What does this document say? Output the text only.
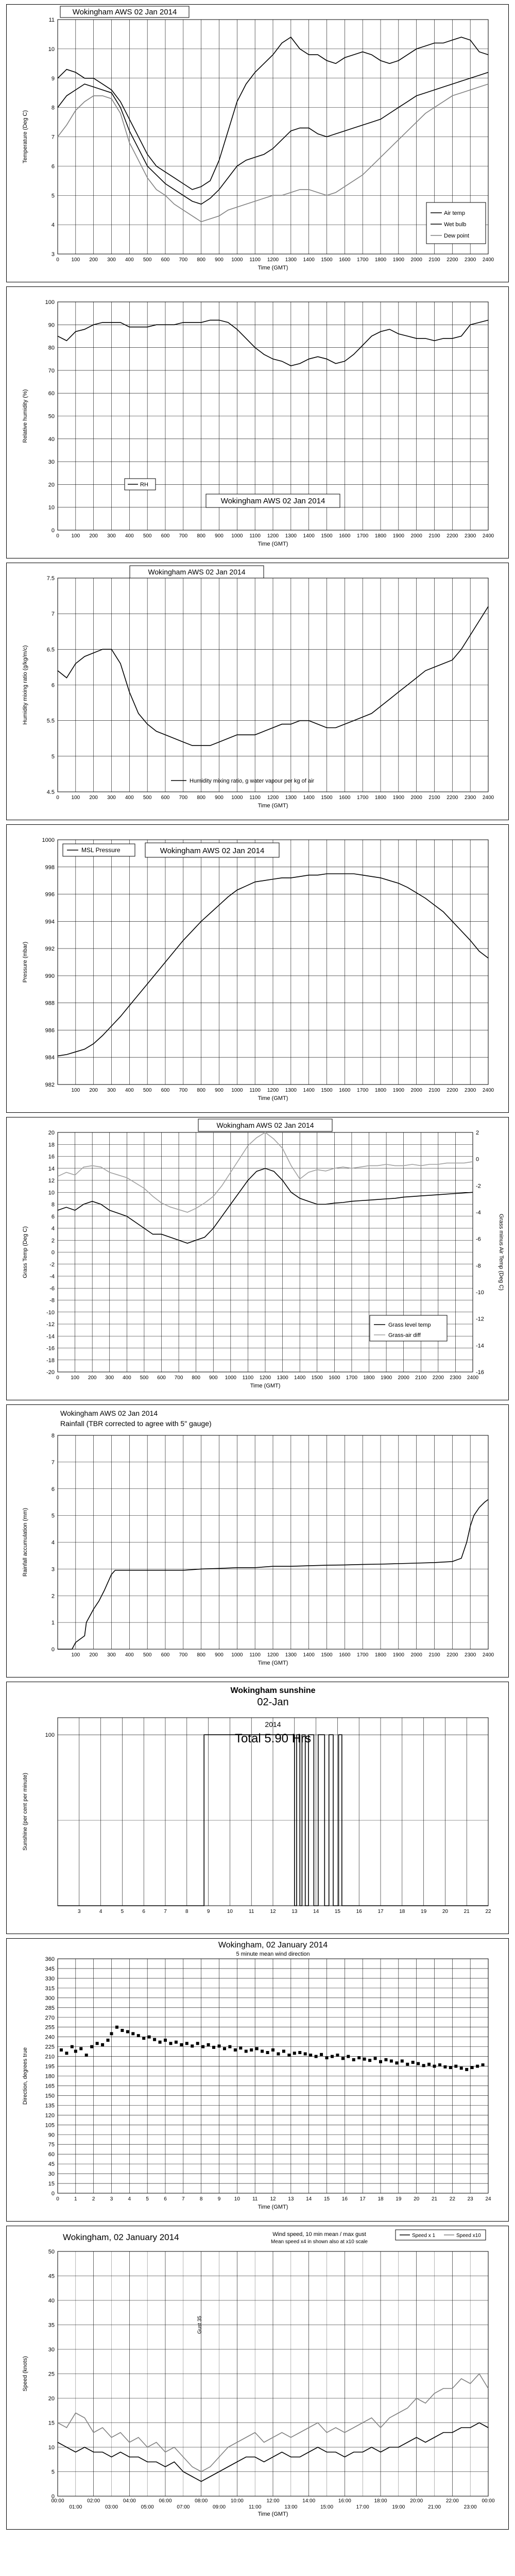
3
4
5
6
7
8
9
10
11
0 100 200 300 400 500 600 700 800 900 1000 1100 1200 1300 1400 1500 1600 1700 1800 1900 2000 2100 2200 2300 2400
Time (GMT)
Temperature (Deg C)
Wokingham AWS 02 Jan 2014
Air temp
Wet bulb
Dew point
0
10
20
30
40
50
60
70
80
90
100
0 100 200 300 400 500 600 700 800 900 1000 1100 1200 1300 1400 1500 1600 1700 1800 1900 2000 2100 2200 2300 2400
Time (GMT)
Relative humidity (%)
Wokingham AWS 02 Jan 2014
RH
4.5
5
5.5
6
6.5
7
7.5
0 100 200 300 400 500 600 700 800 900 1000 1100 1200 1300 1400 1500 1600 1700 1800 1900 2000 2100 2200 2300 2400
Time (GMT)
Humidity mixing ratio (g/kg/m/c)
Wokingham AWS 02 Jan 2014
Humidity mixing ratio, g water vapour per kg of air
982
984
986
988
990
992
994
996
998
1000
100 200 300 400 500 600 700 800 900 1000 1100 1200 1300 1400 1500 1600 1700 1800 1900 2000 2100 2200 2300 2400
Time (GMT)
Pressure (mbar)
MSL Pressure	Wokingham AWS 02 Jan 2014
-20
-18
-16
-14
-12
-10
-8
-6
-4
-2
0
2
4
6
8
10
12
14
16
18
20
0 100 200 300 400 500 600 700 800 900 1000 1100 1200 1300 1400 1500 1600 1700 1800 1900 2000 2100 2200 2300 2400
-16
-14
-12
-10
-8
-6
-4
-2
0
2
Time (GMT)
Grass Temp (Deg C)	Grass minus Air Temp (Deg C)
Wokingham AWS 02 Jan 2014
Grass level temp
Grass-air diff
0
1
2
3
4
5
6
7
8
100 200 300 400 500 600 700 800 900 1000 1100 1200 1300 1400 1500 1600 1700 1800 1900 2000 2100 2200 2300 2400
Time (GMT)
Rainfall accumulation (mm)
Wokingham AWS 02 Jan 2014
Rainfall (TBR corrected to agree with 5" gauge)
100
3	4	5	6	7	8	9	10	11	12	13	14	15	16	17	18	19	20	21	22
Sunshine (per cent per minute)
Wokingham sunshine
02-Jan
2014
Total 5.90 Hrs
0
15
30
45
60
75
90
105
120
135
150
165
180
195
210
225
240
255
270
285
300
315
330
345
360
0	1	2	3	4	5	6	7	8	9	10 11 12 13 14 15 16 17 18 19 20 21 22 23 24
Time (GMT)
Direction, degrees true
Wokingham, 02 January 2014
5 minute mean wind direction
0
5
10
15
20
25
30
35
40
45
50
00:00	02:00	04:00	06:00	08:00	10:00	12:00	14:00	16:00	18:00	20:00	22:00	00:00
01:00	03:00	05:00	07:00	09:00	11:00	13:00	15:00	17:00	19:00	21:00	23:00
Time (GMT)
Speed (knots)
Wokingham, 02 January 2014	Wind speed, 10 min mean / max gust
Mean speed x4 in shown also at x10 scale
Speed x 1	Speed x10
Gust 35
